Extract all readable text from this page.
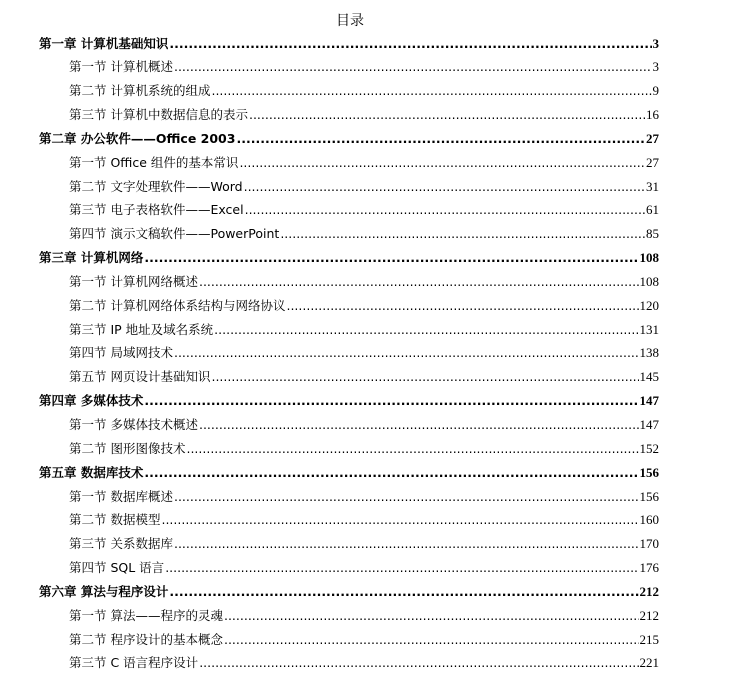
目录
第一章 计算机基础知识 .....	3
第一节 计算机概述 .....	3
第二节 计算机系统的组成 .....	9
第三节 计算机中数据信息的表示 .....	16
第二章 办公软件——Office 2003 .....	27
第一节 Office 组件的基本常识 .....	27
第二节 文字处理软件——Word .....	31
第三节 电子表格软件——Excel .....	61
第四节 演示文稿软件——PowerPoint .....	85
第三章 计算机网络 .....	108
第一节 计算机网络概述 .....	108
第二节 计算机网络体系结构与网络协议 .....	120
第三节 IP 地址及域名系统 .....	131
第四节 局域网技术 .....	138
第五节 网页设计基础知识 .....	145
第四章 多媒体技术 .....	147
第一节 多媒体技术概述 .....	147
第二节 图形图像技术 .....	152
第五章 数据库技术 .....	156
第一节 数据库概述 .....	156
第二节 数据模型 .....	160
第三节 关系数据库 .....	170
第四节 SQL 语言 .....	176
第六章 算法与程序设计 .....	212
第一节 算法——程序的灵魂 .....	212
第二节 程序设计的基本概念 .....	215
第三节 C 语言程序设计 .....	221
